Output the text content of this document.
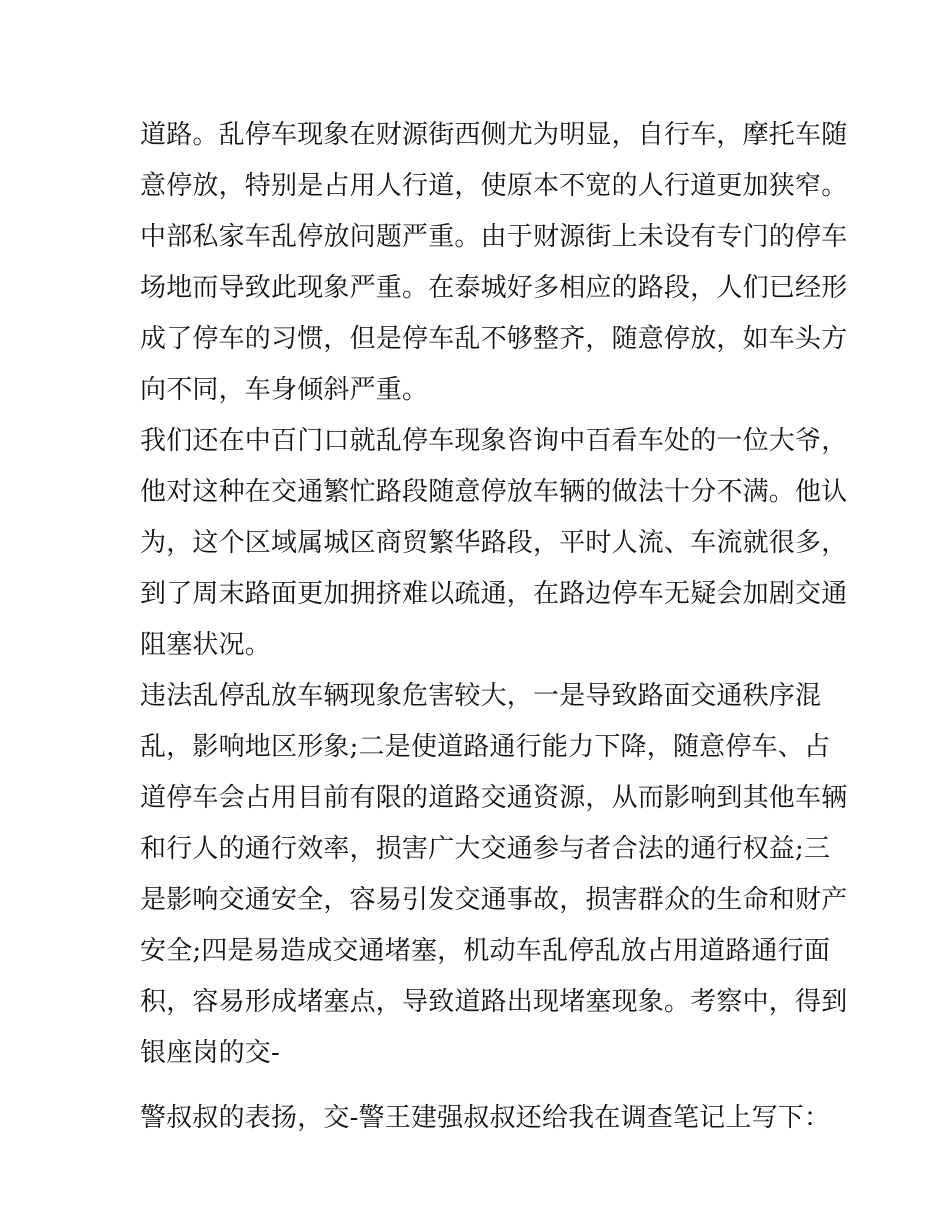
道路。乱停车现象在财源街西侧尤为明显，自行车，摩托车随
意停放，特别是占用人行道，使原本不宽的人行道更加狭窄。
中部私家车乱停放问题严重。由于财源街上未设有专门的停车
场地而导致此现象严重。在泰城好多相应的路段，人们已经形
成了停车的习惯，但是停车乱不够整齐，随意停放，如车头方
向不同，车身倾斜严重。
我们还在中百门口就乱停车现象咨询中百看车处的一位大爷，
他对这种在交通繁忙路段随意停放车辆的做法十分不满。他认
为，这个区域属城区商贸繁华路段，平时人流、车流就很多，
到了周末路面更加拥挤难以疏通，在路边停车无疑会加剧交通
阻塞状况。
违法乱停乱放车辆现象危害较大，一是导致路面交通秩序混
乱，影响地区形象;二是使道路通行能力下降，随意停车、占
道停车会占用目前有限的道路交通资源，从而影响到其他车辆
和行人的通行效率，损害广大交通参与者合法的通行权益;三
是影响交通安全，容易引发交通事故，损害群众的生命和财产
安全;四是易造成交通堵塞，机动车乱停乱放占用道路通行面
积，容易形成堵塞点，导致道路出现堵塞现象。考察中，得到
银座岗的交-
警叔叔的表扬，交-警王建强叔叔还给我在调查笔记上写下：
